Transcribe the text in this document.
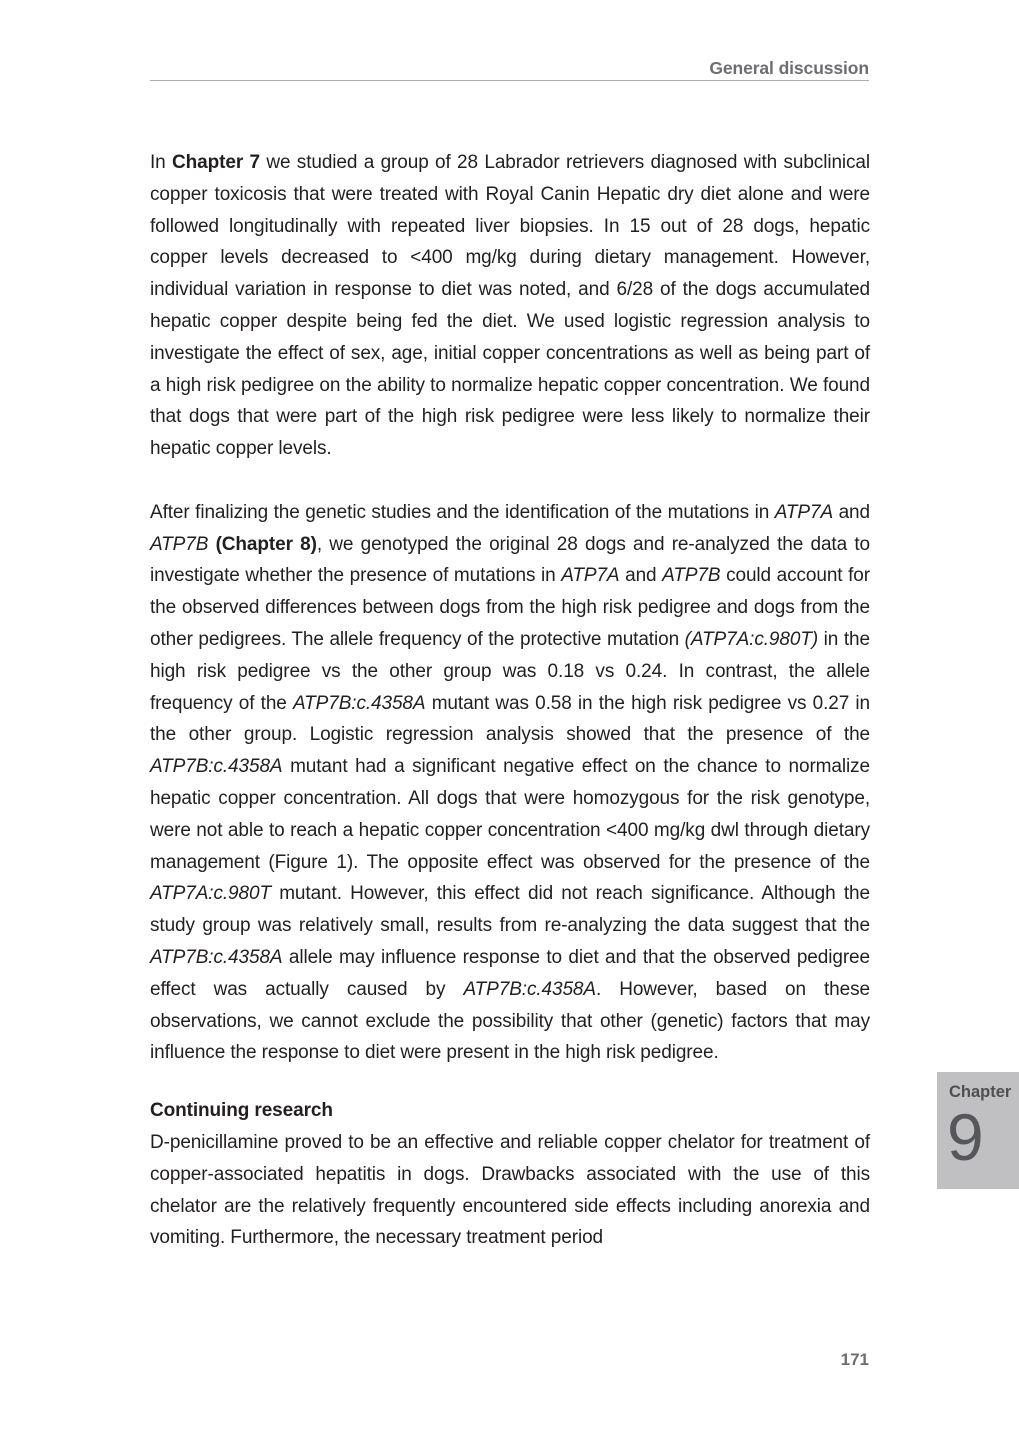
General discussion

In Chapter 7 we studied a group of 28 Labrador retrievers diagnosed with subclinical copper toxicosis that were treated with Royal Canin Hepatic dry diet alone and were followed longitudinally with repeated liver biopsies. In 15 out of 28 dogs, hepatic copper levels decreased to <400 mg/kg during dietary management. However, individual variation in response to diet was noted, and 6/28 of the dogs accumulated hepatic copper despite being fed the diet. We used logistic regression analysis to investigate the effect of sex, age, initial copper concentrations as well as being part of a high risk pedigree on the ability to normalize hepatic copper concentration. We found that dogs that were part of the high risk pedigree were less likely to normalize their hepatic copper levels.

After finalizing the genetic studies and the identification of the mutations in ATP7A and ATP7B (Chapter 8), we genotyped the original 28 dogs and re-analyzed the data to investigate whether the presence of mutations in ATP7A and ATP7B could account for the observed differences between dogs from the high risk pedigree and dogs from the other pedigrees. The allele frequency of the protective mutation (ATP7A:c.980T) in the high risk pedigree vs the other group was 0.18 vs 0.24. In contrast, the allele frequency of the ATP7B:c.4358A mutant was 0.58 in the high risk pedigree vs 0.27 in the other group. Logistic regression analysis showed that the presence of the ATP7B:c.4358A mutant had a significant negative effect on the chance to normalize hepatic copper concentration. All dogs that were homozygous for the risk genotype, were not able to reach a hepatic copper concentration <400 mg/kg dwl through dietary management (Figure 1). The opposite effect was observed for the presence of the ATP7A:c.980T mutant. However, this effect did not reach significance. Although the study group was relatively small, results from re-analyzing the data suggest that the ATP7B:c.4358A allele may influence response to diet and that the observed pedigree effect was actually caused by ATP7B:c.4358A. However, based on these observations, we cannot exclude the possibility that other (genetic) factors that may influence the response to diet were present in the high risk pedigree.

Continuing research

D-penicillamine proved to be an effective and reliable copper chelator for treatment of copper-associated hepatitis in dogs. Drawbacks associated with the use of this chelator are the relatively frequently encountered side effects including anorexia and vomiting. Furthermore, the necessary treatment period

Chapter
9
171
